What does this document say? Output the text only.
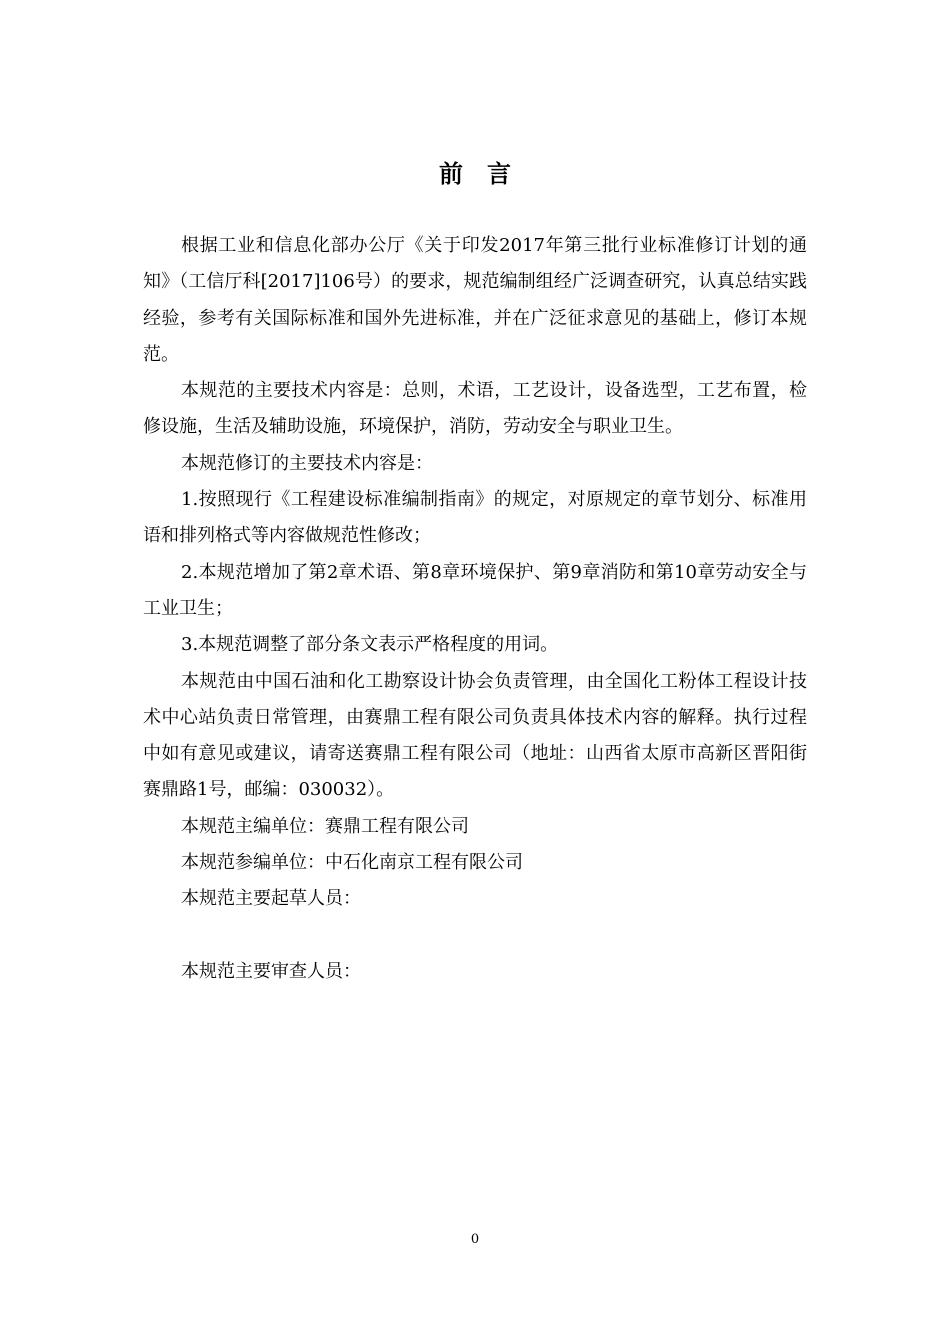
前言

根据工业和信息化部办公厅《关于印发2017年第三批行业标准修订计划的通知》（工信厅科[2017]106号）的要求，规范编制组经广泛调查研究，认真总结实践经验，参考有关国际标准和国外先进标准，并在广泛征求意见的基础上，修订本规范。

本规范的主要技术内容是：总则，术语，工艺设计，设备选型，工艺布置，检修设施，生活及辅助设施，环境保护，消防，劳动安全与职业卫生。

本规范修订的主要技术内容是：

1.按照现行《工程建设标准编制指南》的规定，对原规定的章节划分、标准用语和排列格式等内容做规范性修改；

2.本规范增加了第2章术语、第8章环境保护、第9章消防和第10章劳动安全与工业卫生；

3.本规范调整了部分条文表示严格程度的用词。

本规范由中国石油和化工勘察设计协会负责管理，由全国化工粉体工程设计技术中心站负责日常管理，由赛鼎工程有限公司负责具体技术内容的解释。执行过程中如有意见或建议，请寄送赛鼎工程有限公司（地址：山西省太原市高新区晋阳街赛鼎路1号，邮编：030032）。

本规范主编单位：赛鼎工程有限公司

本规范参编单位：中石化南京工程有限公司

本规范主要起草人员：

本规范主要审查人员：

0
